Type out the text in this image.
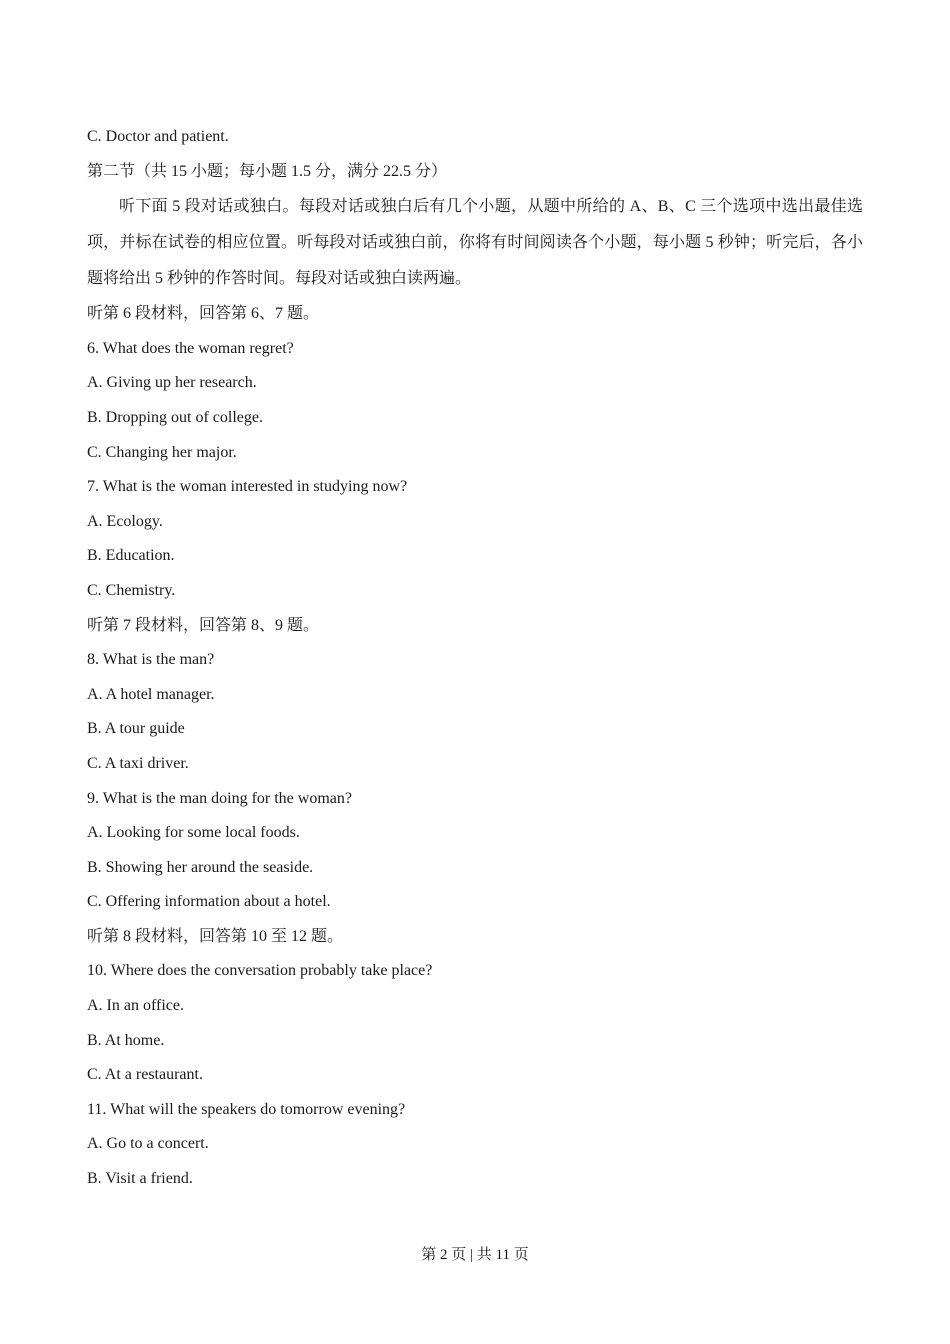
C. Doctor and patient.
第二节（共 15 小题；每小题 1.5 分，满分 22.5 分）

听下面 5 段对话或独白。每段对话或独白后有几个小题，从题中所给的 A、B、C 三个选项中选出最佳选项，并标在试卷的相应位置。听每段对话或独白前，你将有时间阅读各个小题，每小题 5 秒钟；听完后，各小题将给出 5 秒钟的作答时间。每段对话或独白读两遍。

听第 6 段材料，回答第 6、7 题。
6. What does the woman regret?
A. Giving up her research.
B. Dropping out of college.
C. Changing her major.
7. What is the woman interested in studying now?
A. Ecology.
B. Education.
C. Chemistry.
听第 7 段材料，回答第 8、9 题。
8. What is the man?
A. A hotel manager.
B. A tour guide
C. A taxi driver.
9. What is the man doing for the woman?
A. Looking for some local foods.
B. Showing her around the seaside.
C. Offering information about a hotel.
听第 8 段材料，回答第 10 至 12 题。
10. Where does the conversation probably take place?
A. In an office.
B. At home.
C. At a restaurant.
11. What will the speakers do tomorrow evening?
A. Go to a concert.
B. Visit a friend.
第 2 页 | 共 11 页
